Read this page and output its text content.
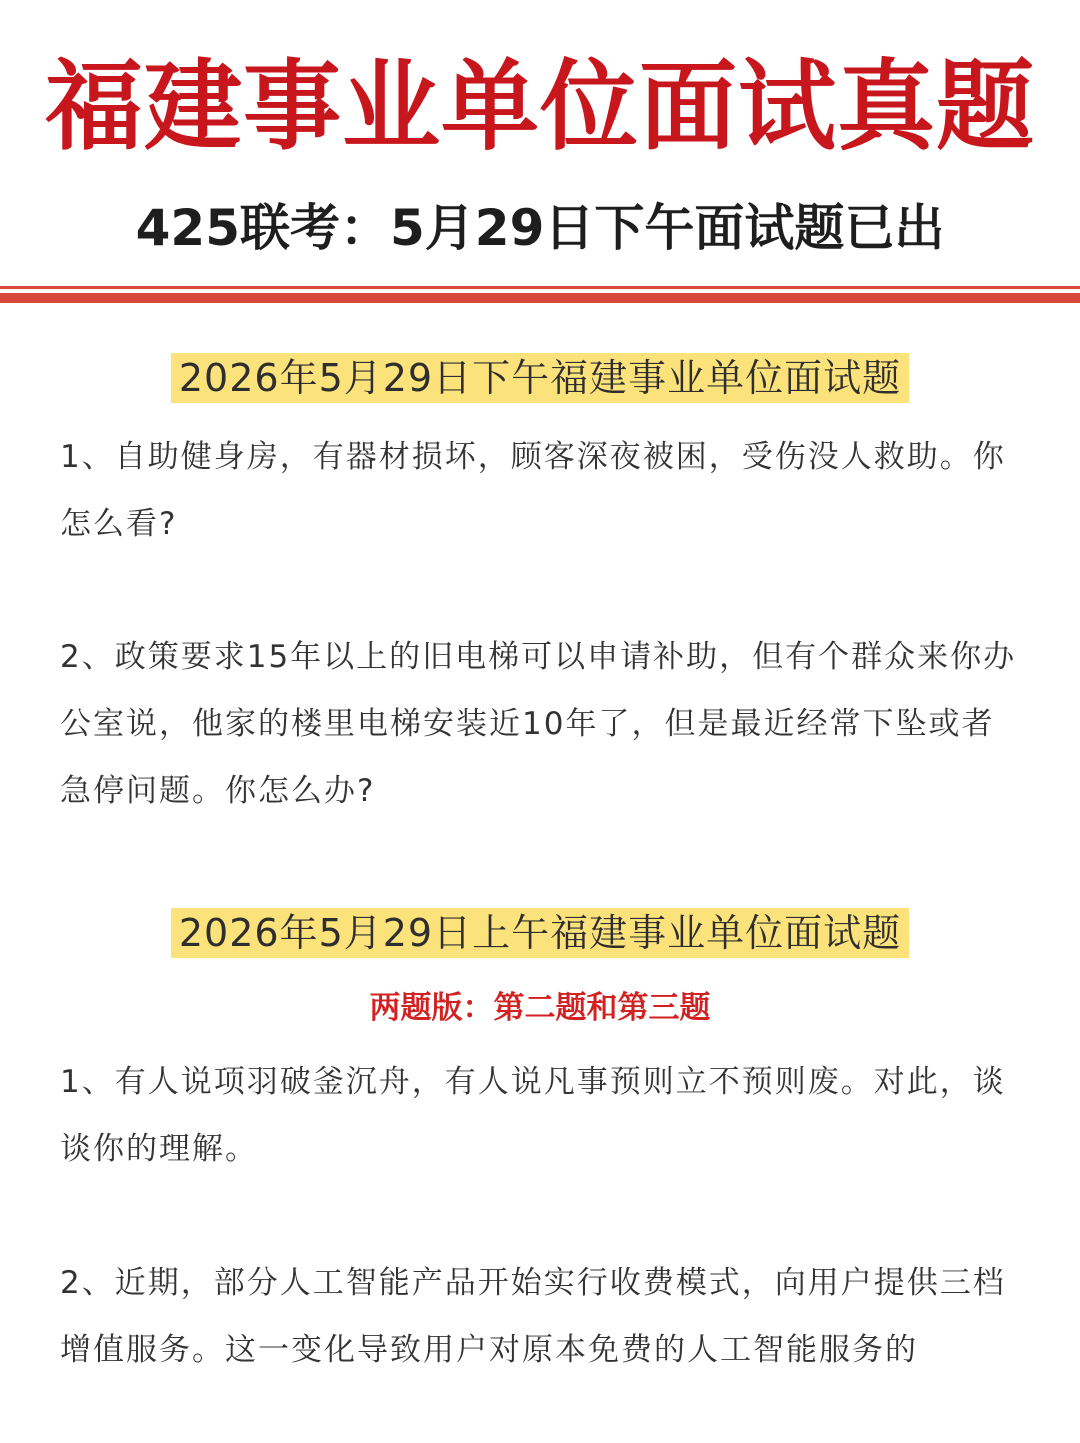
福建事业单位面试真题
425联考：5月29日下午面试题已出
2026年5月29日下午福建事业单位面试题

1、自助健身房，有器材损坏，顾客深夜被困，受伤没人救助。你怎么看?

2、政策要求15年以上的旧电梯可以申请补助，但有个群众来你办公室说，他家的楼里电梯安装近10年了，但是最近经常下坠或者急停问题。你怎么办?

2026年5月29日上午福建事业单位面试题
两题版：第二题和第三题

1、有人说项羽破釜沉舟，有人说凡事预则立不预则废。对此，谈谈你的理解。

2、近期，部分人工智能产品开始实行收费模式，向用户提供三档增值服务。这一变化导致用户对原本免费的人工智能服务的
